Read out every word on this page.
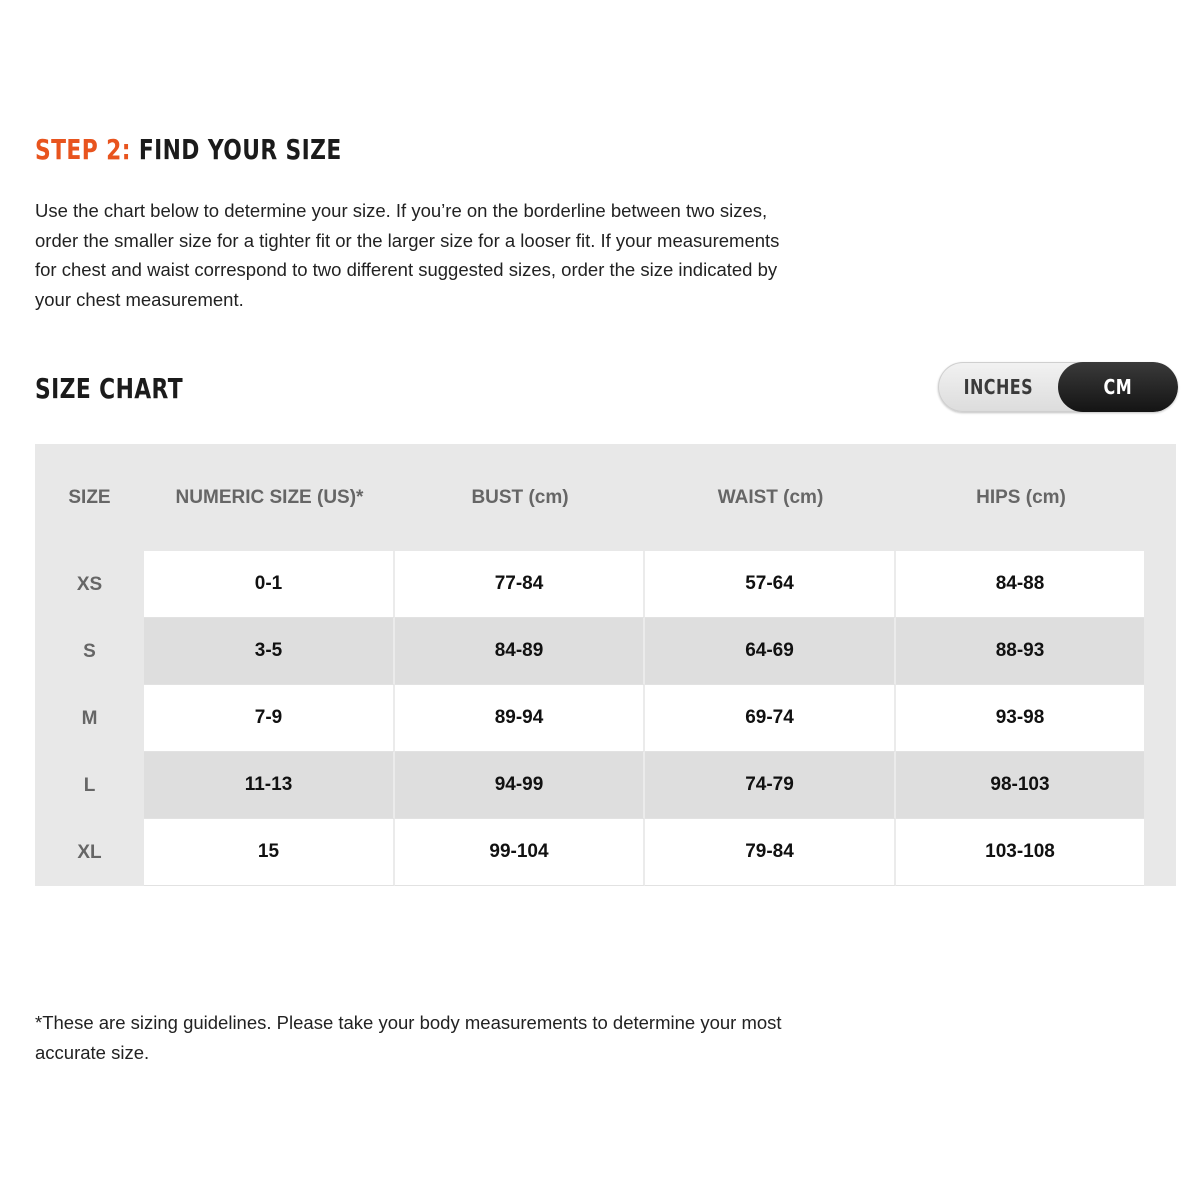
STEP 2: FIND YOUR SIZE

Use the chart below to determine your size. If you’re on the borderline between two sizes, order the smaller size for a tighter fit or the larger size for a looser fit. If your measurements for chest and waist correspond to two different suggested sizes, order the size indicated by your chest measurement.

SIZE CHART	INCHES	CM
SIZE	NUMERIC SIZE (US)*	BUST (cm)	WAIST (cm)	HIPS (cm)
XS	0-1	77-84	57-64	84-88
S	3-5	84-89	64-69	88-93
M	7-9	89-94	69-74	93-98
L	11-13	94-99	74-79	98-103
XL	15	99-104	79-84	103-108

*These are sizing guidelines. Please take your body measurements to determine your most accurate size.
